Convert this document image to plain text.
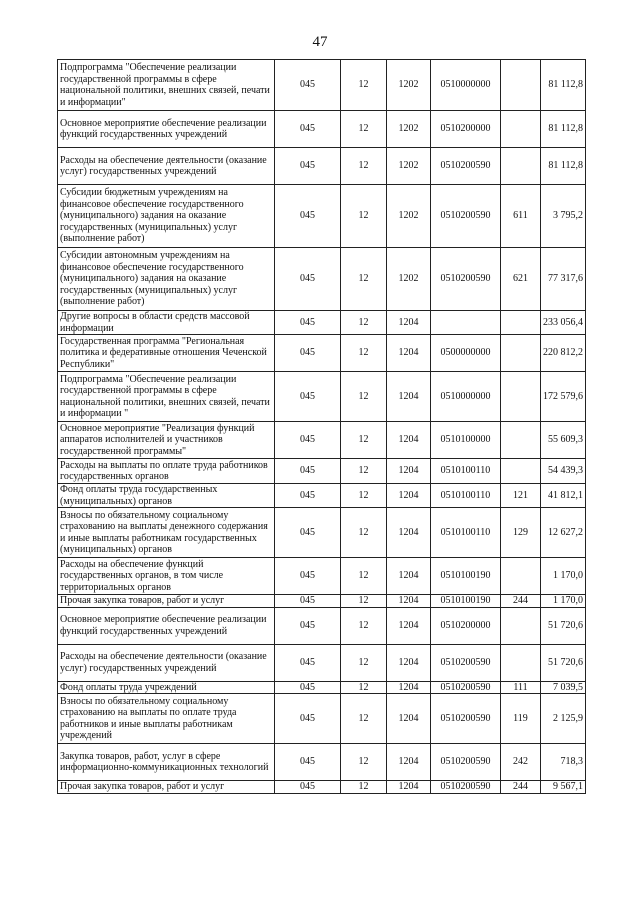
47
Подпрограмма "Обеспечение реализации государственной программы в сфере национальной политики, внешних связей, печати и информации"	045	12	1202	0510000000		81 112,8
Основное мероприятие обеспечение реализации функций государственных учреждений	045	12	1202	0510200000		81 112,8
Расходы на обеспечение деятельности (оказание услуг) государственных учреждений	045	12	1202	0510200590		81 112,8
Субсидии бюджетным учреждениям на финансовое обеспечение государственного (муниципального) задания на оказание государственных (муниципальных) услуг (выполнение работ)	045	12	1202	0510200590	611	3 795,2
Субсидии автономным учреждениям на финансовое обеспечение государственного (муниципального) задания на оказание государственных (муниципальных) услуг (выполнение работ)	045	12	1202	0510200590	621	77 317,6
Другие вопросы в области средств массовой информации	045	12	1204			233 056,4
Государственная программа "Региональная политика и федеративные отношения Чеченской Республики"	045	12	1204	0500000000		220 812,2
Подпрограмма "Обеспечение реализации государственной программы в сфере национальной политики, внешних связей, печати и информации "	045	12	1204	0510000000		172 579,6
Основное мероприятие "Реализация функций аппаратов исполнителей и участников государственной программы"	045	12	1204	0510100000		55 609,3
Расходы на выплаты по оплате труда работников государственных органов	045	12	1204	0510100110		54 439,3
Фонд оплаты труда государственных (муниципальных) органов	045	12	1204	0510100110	121	41 812,1
Взносы по обязательному социальному страхованию на выплаты денежного содержания и иные выплаты работникам государственных (муниципальных) органов	045	12	1204	0510100110	129	12 627,2
Расходы на обеспечение функций государственных органов, в том числе территориальных органов	045	12	1204	0510100190		1 170,0
Прочая закупка товаров, работ и услуг	045	12	1204	0510100190	244	1 170,0
Основное мероприятие обеспечение реализации функций государственных учреждений	045	12	1204	0510200000		51 720,6
Расходы на обеспечение деятельности (оказание услуг) государственных учреждений	045	12	1204	0510200590		51 720,6
Фонд оплаты труда учреждений	045	12	1204	0510200590	111	7 039,5
Взносы по обязательному социальному страхованию на выплаты по оплате труда работников и иные выплаты работникам учреждений	045	12	1204	0510200590	119	2 125,9
Закупка товаров, работ, услуг в сфере информационно-коммуникационных технологий	045	12	1204	0510200590	242	718,3
Прочая закупка товаров, работ и услуг	045	12	1204	0510200590	244	9 567,1
